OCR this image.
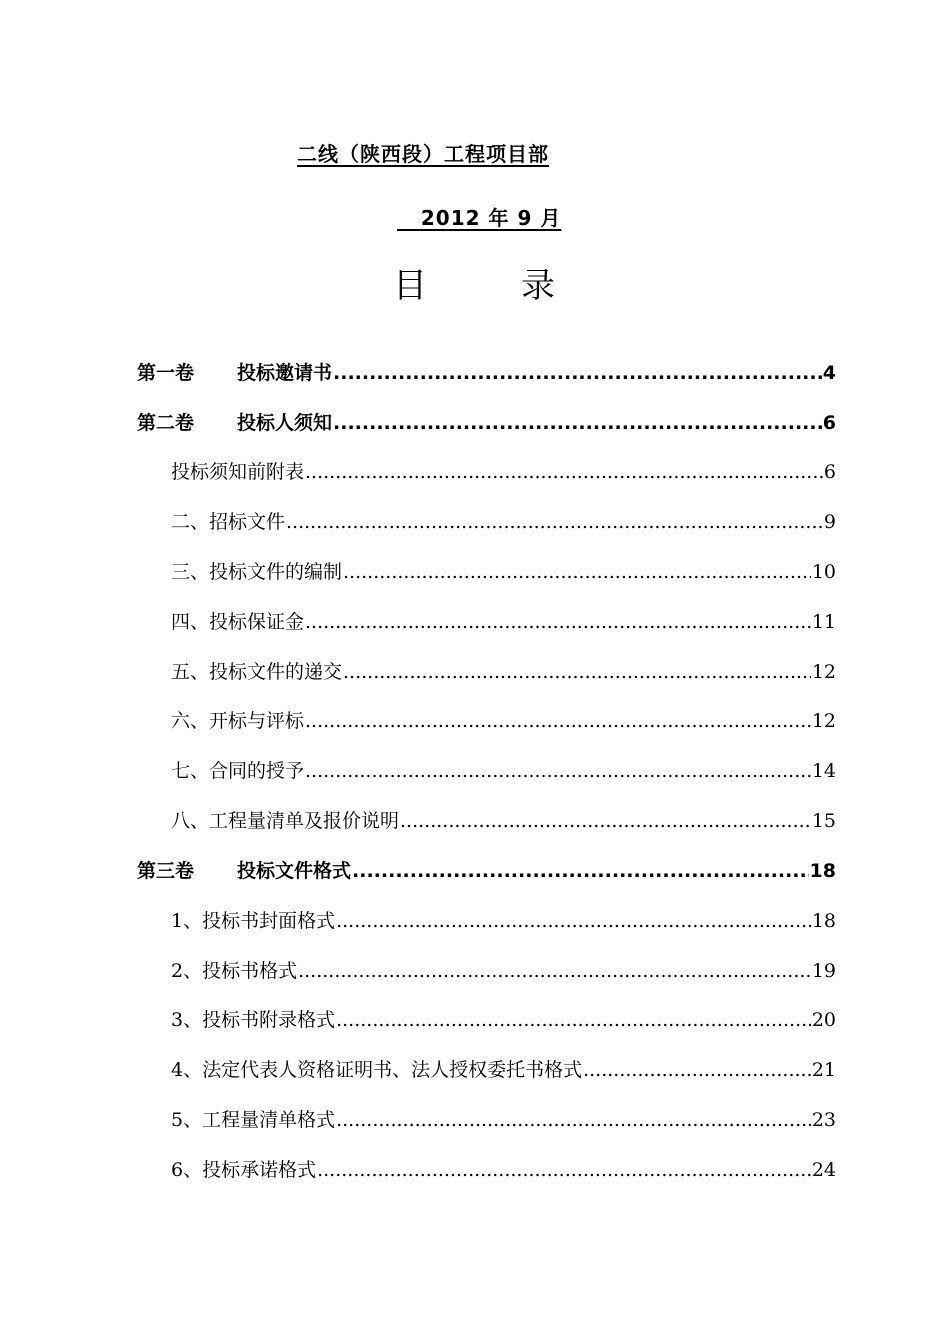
二线（陕西段）工程项目部
2012 年 9 月
目	录
第一卷	投标邀请书 .....	4
第二卷	投标人须知 .....	6
投标须知前附表 .....	6
二、招标文件 .....	9
三、投标文件的编制 .....	10
四、投标保证金 .....	11
五、投标文件的递交 .....	12
六、开标与评标 .....	12
七、合同的授予 .....	14
八、工程量清单及报价说明 .....	15
第三卷	投标文件格式 .....	18
1、投标书封面格式 .....	18
2、投标书格式 .....	19
3、投标书附录格式 .....	20
4、法定代表人资格证明书、法人授权委托书格式 .....	21
5、工程量清单格式 .....	23
6、投标承诺格式 .....	24
